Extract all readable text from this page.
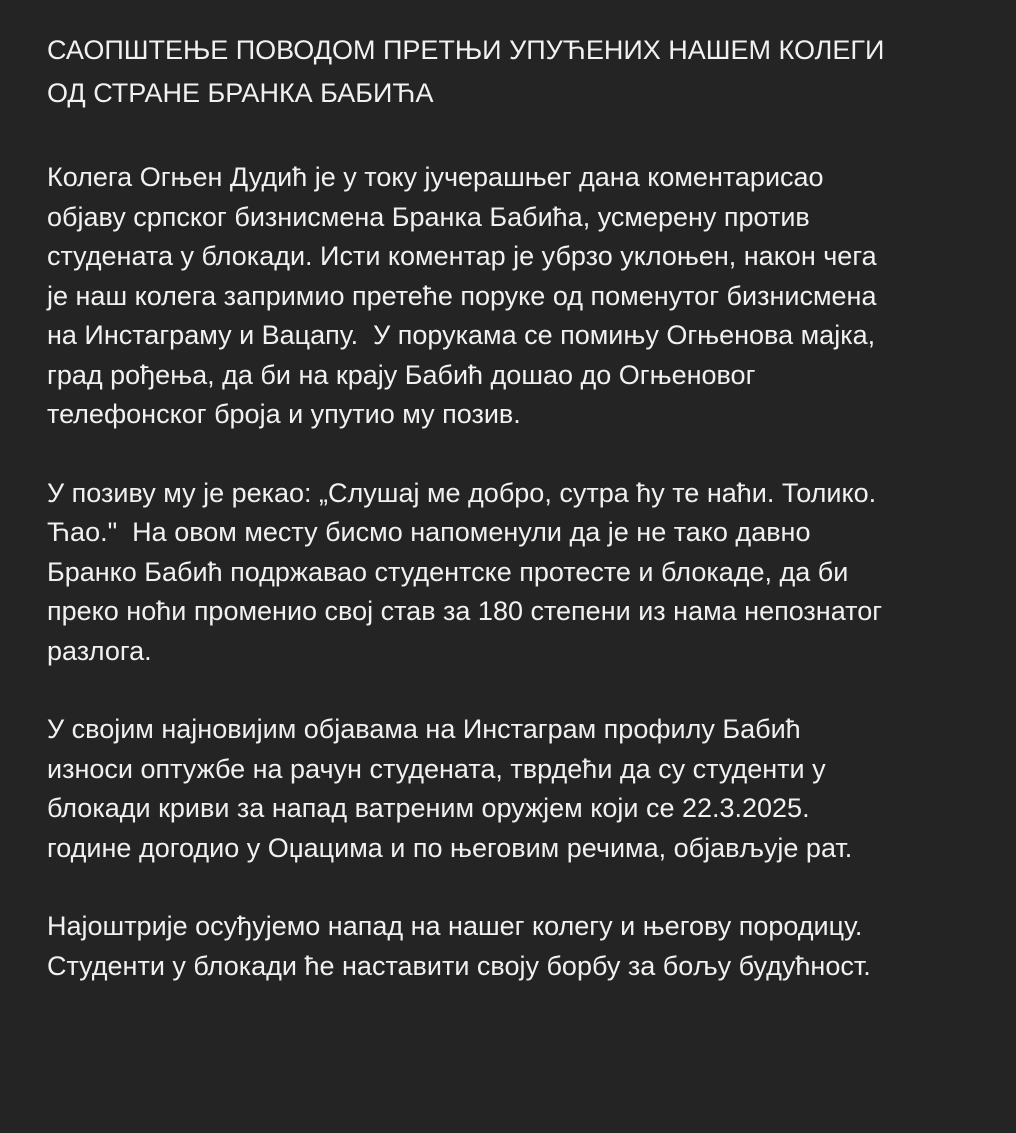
САОПШТЕЊЕ ПОВОДОМ ПРЕТЊИ УПУЋЕНИХ НАШЕМ КОЛЕГИ
ОД СТРАНЕ БРАНКА БАБИЋА
Колега Огњен Дудић је у току јучерашњег дана коментарисао
објаву српског бизнисмена Бранка Бабића, усмерену против
студената у блокади. Исти коментар је убрзо уклоњен, након чега
је наш колега запримио претеће поруке од поменутог бизнисмена
на Инстаграму и Вацапу.  У порукама се помињу Огњенова мајка,
град рођења, да би на крају Бабић дошао до Огњеновог
телефонског броја и упутио му позив.
У позиву му је рекао: „Слушај ме добро, сутра ћу те наћи. Толико.
Ћао."  На овом месту бисмо напоменули да је не тако давно
Бранко Бабић подржавао студентске протесте и блокаде, да би
преко ноћи променио свој став за 180 степени из нама непознатог
разлога.
У својим најновијим објавама на Инстаграм профилу Бабић
износи оптужбе на рачун студената, тврдећи да су студенти у
блокади криви за напад ватреним оружјем који се 22.3.2025.
године догодио у Оџацима и по његовим речима, објављује рат.
Најоштрије осуђујемо напад на нашег колегу и његову породицу.
Студенти у блокади ће наставити своју борбу за бољу будућност.
